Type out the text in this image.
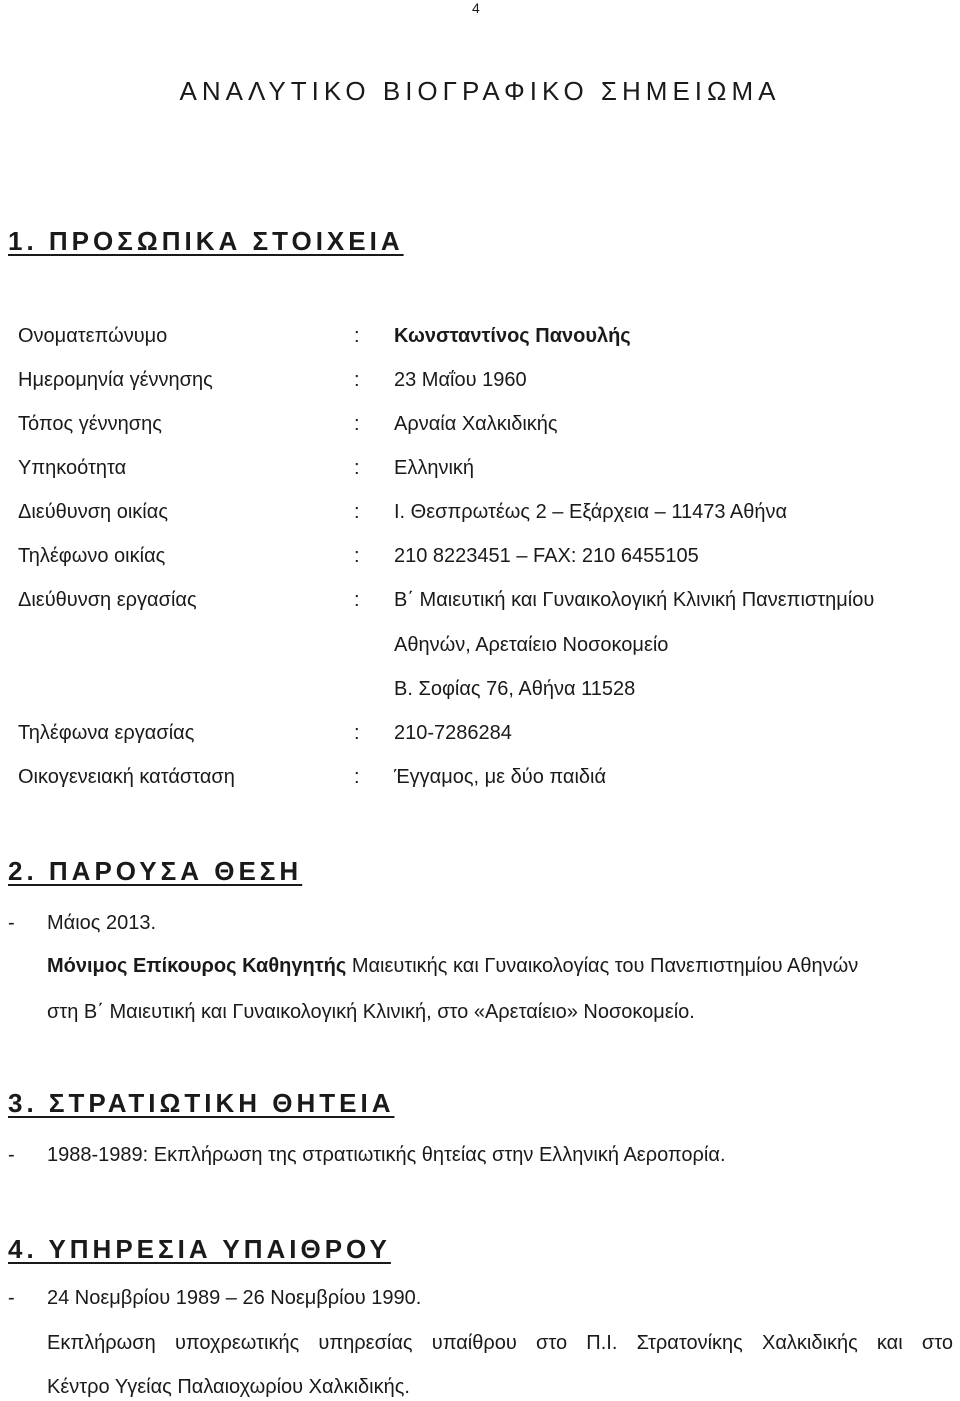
4
ΑΝΑΛΥΤΙΚΟ ΒΙΟΓΡΑΦΙΚΟ ΣΗΜΕΙΩΜΑ
1. ΠΡΟΣΩΠΙΚΑ ΣΤΟΙΧΕΙΑ
Ονοματεπώνυμο	: Κωνσταντίνος Πανουλής
Ημερομηνία γέννησης	: 23 Μαΐου 1960
Τόπος γέννησης	: Αρναία Χαλκιδικής
Υπηκοότητα	: Ελληνική
Διεύθυνση οικίας	: Ι. Θεσπρωτέως 2 – Εξάρχεια – 11473 Αθήνα
Τηλέφωνο οικίας	: 210 8223451 – FAX: 210 6455105
Διεύθυνση εργασίας	: Β΄ Μαιευτική και Γυναικολογική Κλινική Πανεπιστημίου
Αθηνών, Αρεταίειο Νοσοκομείο
Β. Σοφίας 76, Αθήνα 11528
Τηλέφωνα εργασίας	: 210-7286284
Οικογενειακή κατάσταση	: Έγγαμος, με δύο παιδιά
2. ΠΑΡΟΥΣΑ ΘΕΣΗ
- Μάιος 2013.
Μόνιμος Επίκουρος Καθηγητής Μαιευτικής και Γυναικολογίας του Πανεπιστημίου Αθηνών
στη Β΄ Μαιευτική και Γυναικολογική Κλινική, στο «Αρεταίειο» Νοσοκομείο.
3. ΣΤΡΑΤΙΩΤΙΚΗ ΘΗΤΕΙΑ
- 1988-1989: Εκπλήρωση της στρατιωτικής θητείας στην Ελληνική Αεροπορία.
4. ΥΠΗΡΕΣΙΑ ΥΠΑΙΘΡΟΥ
- 24 Νοεμβρίου 1989 – 26 Νοεμβρίου 1990.
Εκπλήρωση υποχρεωτικής υπηρεσίας υπαίθρου στο Π.Ι. Στρατονίκης Χαλκιδικής και στο
Κέντρο Υγείας Παλαιοχωρίου Χαλκιδικής.
